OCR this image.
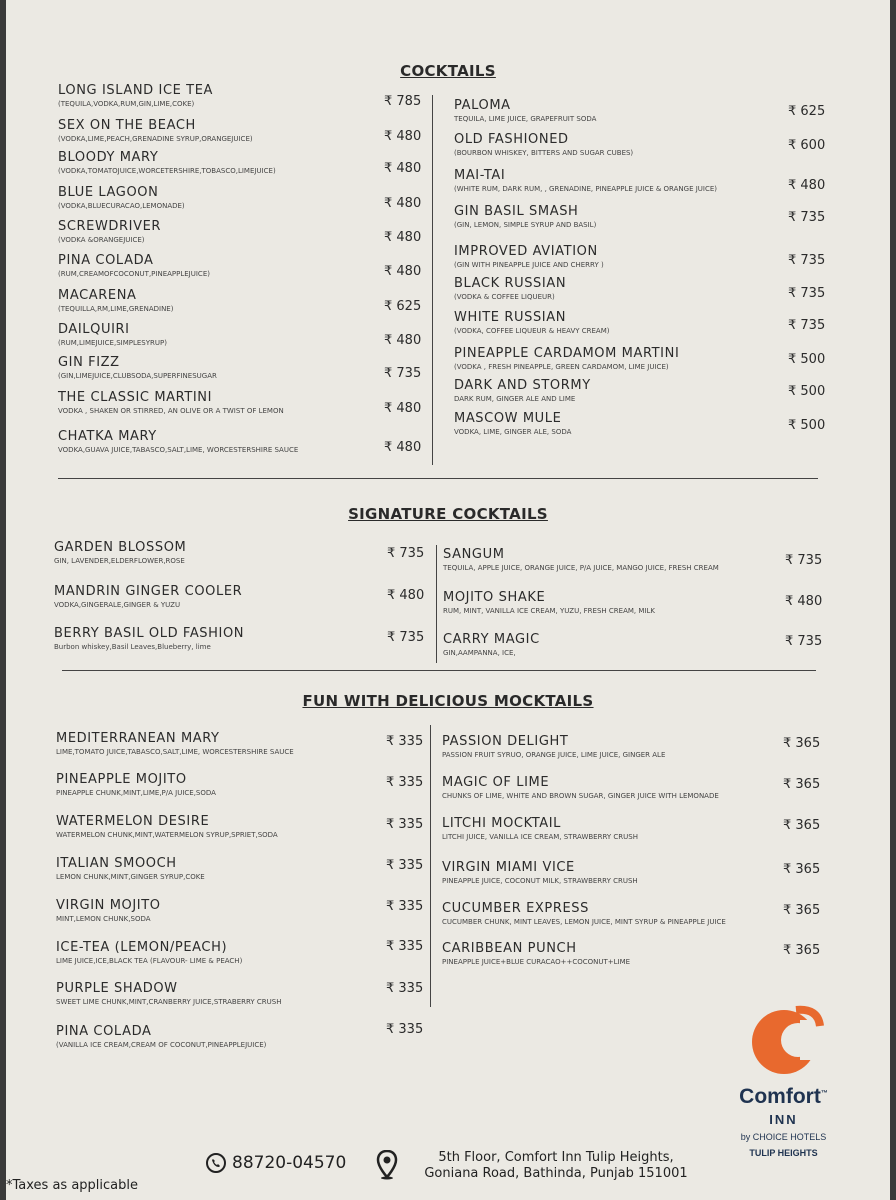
COCKTAILS
SIGNATURE COCKTAILS
FUN WITH DELICIOUS MOCKTAILS
LONG ISLAND ICE TEA
(TEQUILA,VODKA,RUM,GIN,LIME,COKE)	₹ 785
SEX ON THE BEACH
(VODKA,LIME,PEACH,GRENADINE SYRUP,ORANGEJUICE)	₹ 480
BLOODY MARY
(VODKA,TOMATOJUICE,WORCETERSHIRE,TOBASCO,LIMEJUICE)	₹ 480
BLUE LAGOON
(VODKA,BLUECURACAO,LEMONADE)	₹ 480
SCREWDRIVER
(VODKA &ORANGEJUICE)	₹ 480
PINA COLADA
(RUM,CREAMOFCOCONUT,PINEAPPLEJUICE)	₹ 480
MACARENA
(TEQUILLA,RM,LIME,GRENADINE)	₹ 625
DAILQUIRI
(RUM,LIMEJUICE,SIMPLESYRUP)	₹ 480
GIN FIZZ
(GIN,LIMEJUICE,CLUBSODA,SUPERFINESUGAR	₹ 735
THE CLASSIC MARTINI
VODKA , SHAKEN OR STIRRED, AN OLIVE OR A TWIST OF LEMON	₹ 480
CHATKA MARY
VODKA,GUAVA JUICE,TABASCO,SALT,LIME, WORCESTERSHIRE SAUCE	₹ 480
PALOMA
TEQUILA, LIME JUICE, GRAPEFRUIT SODA	₹ 625
OLD FASHIONED
(BOURBON WHISKEY, BITTERS AND SUGAR CUBES)	₹ 600
MAI-TAI
(WHITE RUM, DARK RUM, , GRENADINE, PINEAPPLE JUICE & ORANGE JUICE)	₹ 480
GIN BASIL SMASH
(GIN, LEMON, SIMPLE SYRUP AND BASIL)	₹ 735
IMPROVED AVIATION
(GIN WITH PINEAPPLE JUICE AND CHERRY )	₹ 735
BLACK RUSSIAN
(VODKA & COFFEE LIQUEUR)	₹ 735
WHITE RUSSIAN
(VODKA, COFFEE LIQUEUR & HEAVY CREAM)	₹ 735
PINEAPPLE CARDAMOM MARTINI
(VODKA , FRESH PINEAPPLE, GREEN CARDAMOM, LIME JUICE)	₹ 500
DARK AND STORMY
DARK RUM, GINGER ALE AND LIME	₹ 500
MASCOW MULE
VODKA, LIME, GINGER ALE, SODA	₹ 500
GARDEN BLOSSOM
GIN, LAVENDER,ELDERFLOWER,ROSE	₹ 735
MANDRIN GINGER COOLER
VODKA,GINGERALE,GINGER & YUZU
₹ 480
BERRY BASIL OLD FASHION
Burbon whiskey,Basil Leaves,Blueberry, lime
₹ 735
SANGUM
TEQUILA, APPLE JUICE, ORANGE JUICE, P/A JUICE, MANGO JUICE, FRESH CREAM	₹ 735
MOJITO SHAKE
RUM, MINT, VANILLA ICE CREAM, YUZU, FRESH CREAM, MILK
₹ 480
CARRY MAGIC
GIN,AAMPANNA, ICE,
₹ 735
MEDITERRANEAN MARY
LIME,TOMATO JUICE,TABASCO,SALT,LIME, WORCESTERSHIRE SAUCE
₹ 335
PINEAPPLE MOJITO
PINEAPPLE CHUNK,MINT,LIME,P/A JUICE,SODA
₹ 335
WATERMELON DESIRE
WATERMELON CHUNK,MINT,WATERMELON SYRUP,SPRIET,SODA
₹ 335
ITALIAN SMOOCH
LEMON CHUNK,MINT,GINGER SYRUP,COKE
₹ 335
VIRGIN MOJITO
MINT,LEMON CHUNK,SODA
₹ 335
ICE-TEA (LEMON/PEACH)
LIME JUICE,ICE,BLACK TEA (FLAVOUR- LIME & PEACH)
₹ 335
PURPLE SHADOW
SWEET LIME CHUNK,MINT,CRANBERRY JUICE,STRABERRY CRUSH
₹ 335
PINA COLADA
(VANILLA ICE CREAM,CREAM OF COCONUT,PINEAPPLEJUICE)
₹ 335
PASSION DELIGHT
PASSION FRUIT SYRUO, ORANGE JUICE, LIME JUICE, GINGER ALE
₹ 365
MAGIC OF LIME
CHUNKS OF LIME, WHITE AND BROWN SUGAR, GINGER JUICE WITH LEMONADE
₹ 365
LITCHI MOCKTAIL
LITCHI JUICE, VANILLA ICE CREAM, STRAWBERRY CRUSH
₹ 365
VIRGIN MIAMI VICE
PINEAPPLE JUICE, COCONUT MILK, STRAWBERRY CRUSH
₹ 365
CUCUMBER EXPRESS
CUCUMBER CHUNK, MINT LEAVES, LEMON JUICE, MINT SYRUP & PINEAPPLE JUICE
₹ 365
CARIBBEAN PUNCH
PINEAPPLE JUICE+BLUE CURACAO++COCONUT+LIME
₹ 365
Comfort™
INN
by CHOICE HOTELS
TULIP HEIGHTS
88720-04570	5th Floor, Comfort Inn Tulip Heights,
Goniana Road, Bathinda, Punjab 151001
*Taxes as applicable
